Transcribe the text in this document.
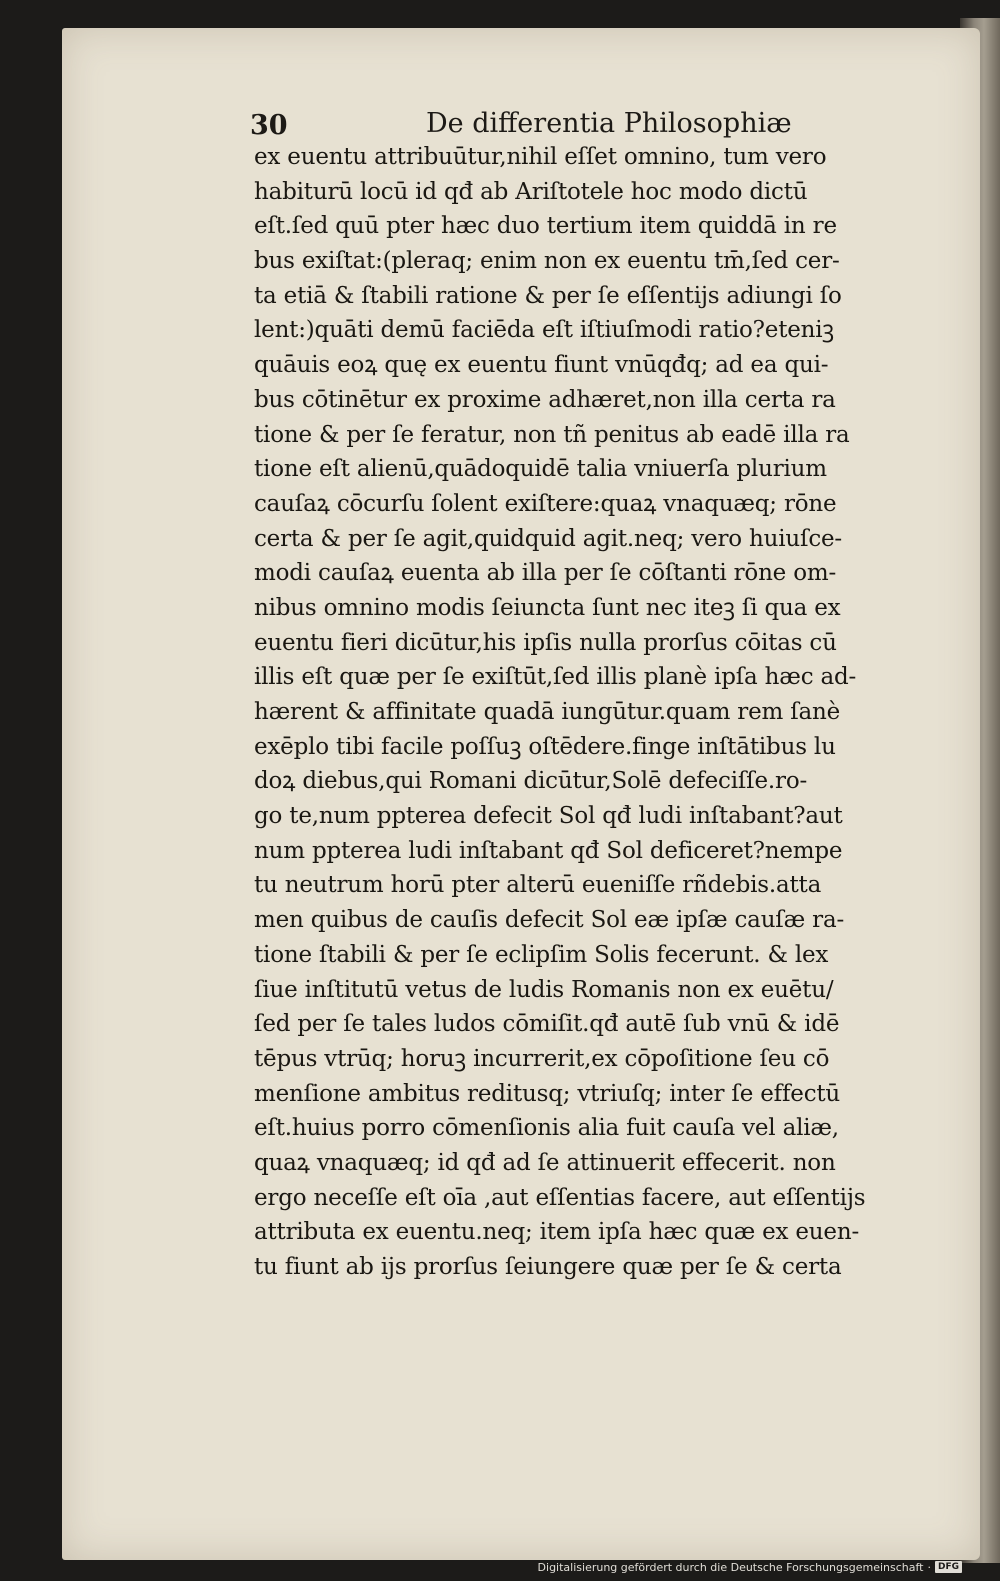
30	De differentia Philosophiæ
ex euentu attribuūtur,nihil eſſet omnino, tum vero
habiturū locū id qđ ab Ariſtotele hoc modo dictū
eſt.ſed quū pter hæc duo tertium item quiddā in re
bus exiſtat:(pleraq; enim non ex euentu tm̄,ſed cer-
ta etiā & ſtabili ratione & per ſe eſſentijs adiungi ſo
lent:)quāti demū faciēda eſt iſtiuſmodi ratio?eteniꝫ
quāuis eoꝝ quę ex euentu fiunt vnūqđq; ad ea qui-
bus cōtinētur ex proxime adhæret,non illa certa ra
tione & per ſe feratur, non tñ penitus ab eadē illa ra
tione eſt alienū,quādoquidē talia vniuerſa plurium
cauſaꝝ cōcurſu ſolent exiſtere:quaꝝ vnaquæq; rōne
certa & per ſe agit,quidquid agit.neq; vero huiuſce-
modi cauſaꝝ euenta ab illa per ſe cōſtanti rōne om-
nibus omnino modis ſeiuncta ſunt nec iteꝫ ſi qua ex
euentu fieri dicūtur,his ipſis nulla prorſus cōitas cū
illis eſt quæ per ſe exiſtūt,ſed illis planè ipſa hæc ad-
hærent & affinitate quadā iungūtur.quam rem ſanè
exēplo tibi facile poſſuꝫ oſtēdere.finge inſtātibus lu
doꝝ diebus,qui Romani dicūtur,Solē defeciſſe.ro-
go te,num ppterea defecit Sol qđ ludi inſtabant?aut
num ppterea ludi inſtabant qđ Sol deficeret?nempe
tu neutrum horū pter alterū eueniſſe rñdebis.atta
men quibus de cauſis defecit Sol eæ ipſæ cauſæ ra-
tione ſtabili & per ſe eclipſim Solis fecerunt. & lex
ſiue inſtitutū vetus de ludis Romanis non ex euētu/
ſed per ſe tales ludos cōmiſit.qđ autē ſub vnū & idē
tēpus vtrūq; horuꝫ incurrerit,ex cōpoſitione ſeu cō
menſione ambitus reditusq; vtriuſq; inter ſe effectū
eſt.huius porro cōmenſionis alia fuit cauſa vel aliæ,
quaꝝ vnaquæq; id qđ ad ſe attinuerit effecerit. non
ergo neceſſe eſt oīa ,aut eſſentias facere, aut eſſentijs
attributa ex euentu.neq; item ipſa hæc quæ ex euen-
tu fiunt ab ijs prorſus ſeiungere quæ per ſe & certa
Digitalisierung gefördert durch die Deutsche Forschungsgemeinschaft · DFG
